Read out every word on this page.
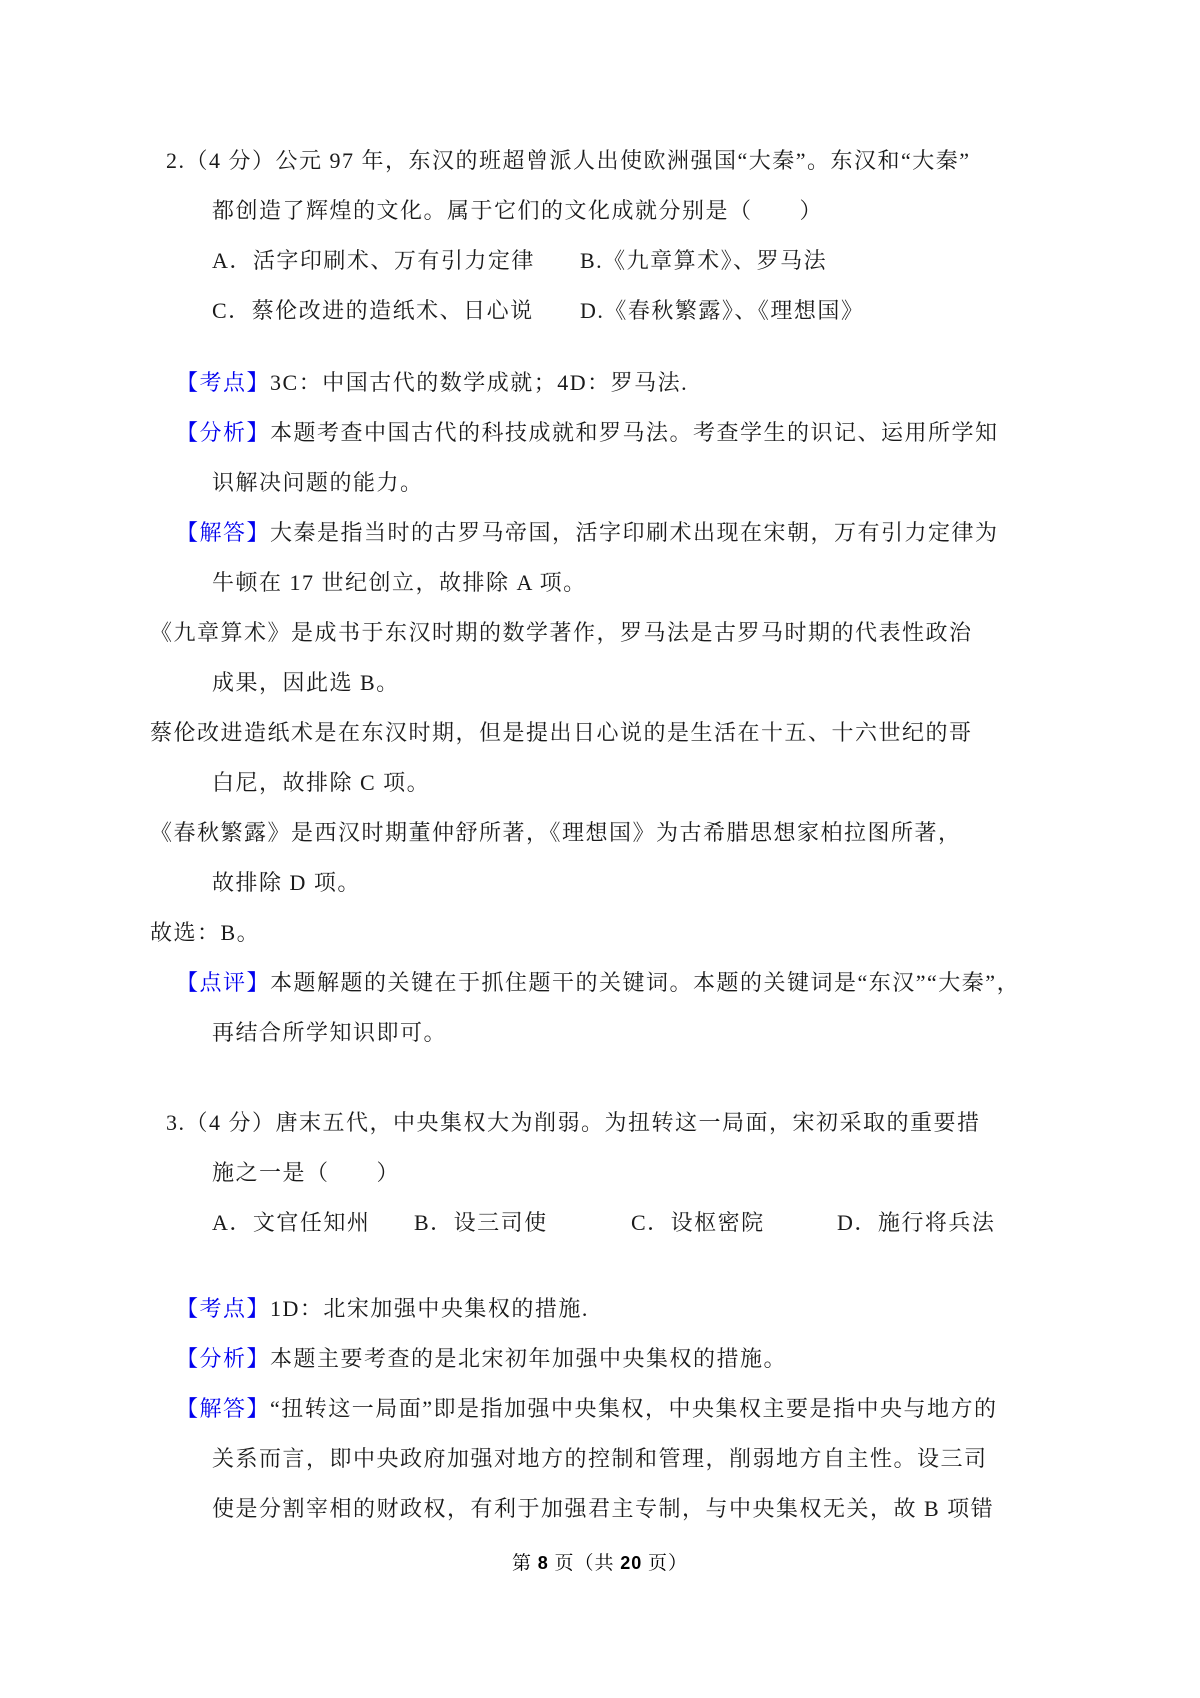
2.（4 分）公元 97 年，东汉的班超曾派人出使欧洲强国“大秦”。东汉和“大秦”
都创造了辉煌的文化。属于它们的文化成就分别是（　　）
A．活字印刷术、万有引力定律 B.《九章算术》、罗马法
C．蔡伦改进的造纸术、日心说 D.《春秋繁露》、《理想国》
【考点】3C：中国古代的数学成就；4D：罗马法.
【分析】本题考查中国古代的科技成就和罗马法。考查学生的识记、运用所学知
识解决问题的能力。
【解答】大秦是指当时的古罗马帝国，活字印刷术出现在宋朝，万有引力定律为
牛顿在 17 世纪创立，故排除 A 项。
《九章算术》是成书于东汉时期的数学著作，罗马法是古罗马时期的代表性政治
成果，因此选 B。
蔡伦改进造纸术是在东汉时期，但是提出日心说的是生活在十五、十六世纪的哥
白尼，故排除 C 项。
《春秋繁露》是西汉时期董仲舒所著，《理想国》为古希腊思想家柏拉图所著，
故排除 D 项。
故选：B。
【点评】本题解题的关键在于抓住题干的关键词。本题的关键词是“东汉”“大秦”，
再结合所学知识即可。
3.（4 分）唐末五代，中央集权大为削弱。为扭转这一局面，宋初采取的重要措
施之一是（　　）
A．文官任知州 B．设三司使	C．设枢密院	D．施行将兵法
【考点】1D：北宋加强中央集权的措施.
【分析】本题主要考查的是北宋初年加强中央集权的措施。
【解答】“扭转这一局面”即是指加强中央集权，中央集权主要是指中央与地方的
关系而言，即中央政府加强对地方的控制和管理，削弱地方自主性。设三司
使是分割宰相的财政权，有利于加强君主专制，与中央集权无关，故 B 项错
第 8 页（共 20 页）
